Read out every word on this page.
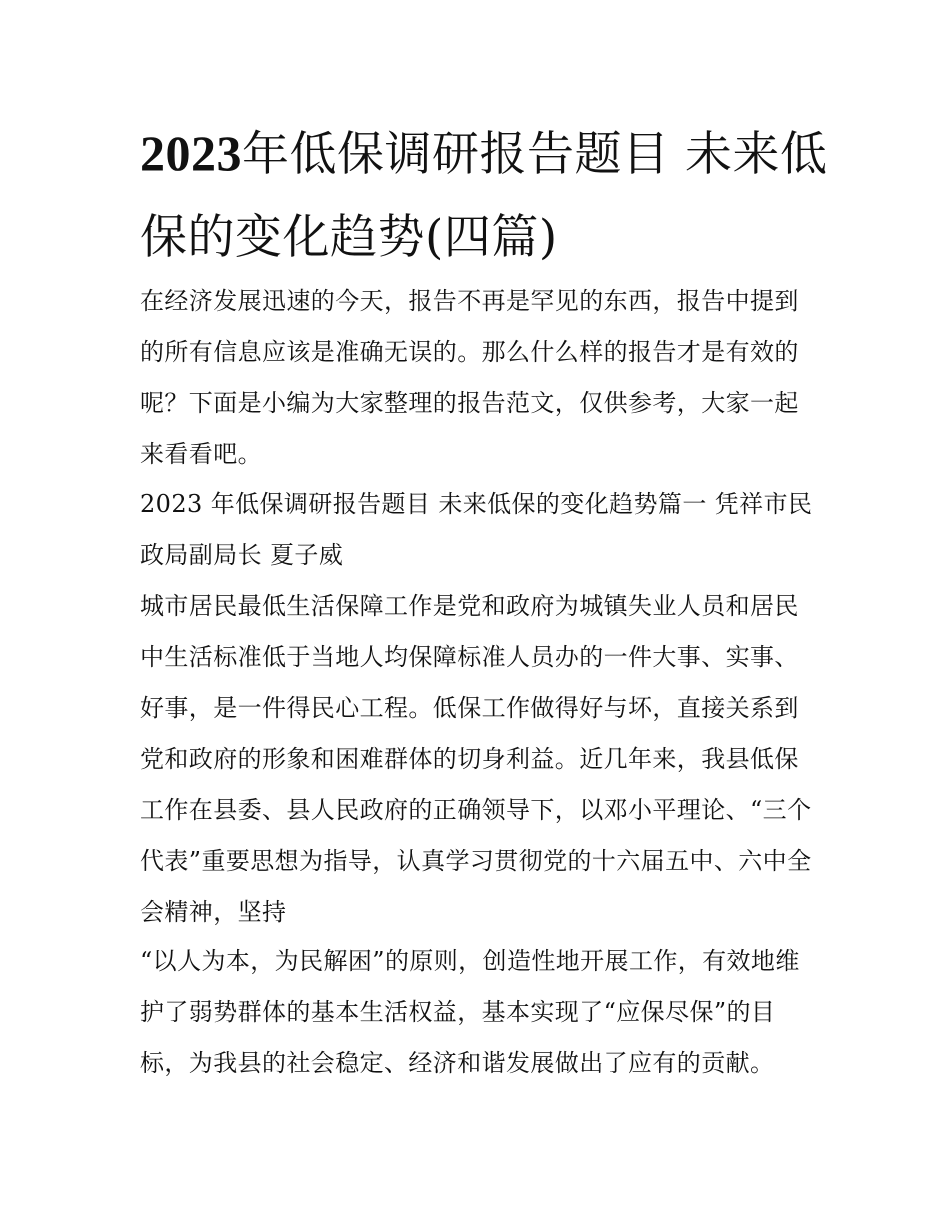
2023年低保调研报告题目 未来低保的变化趋势(四篇)

在经济发展迅速的今天，报告不再是罕见的东西，报告中提到的所有信息应该是准确无误的。那么什么样的报告才是有效的呢？下面是小编为大家整理的报告范文，仅供参考，大家一起来看看吧。

2023 年低保调研报告题目 未来低保的变化趋势篇一 凭祥市民政局副局长 夏子威

城市居民最低生活保障工作是党和政府为城镇失业人员和居民中生活标准低于当地人均保障标准人员办的一件大事、实事、好事，是一件得民心工程。低保工作做得好与坏，直接关系到党和政府的形象和困难群体的切身利益。近几年来，我县低保工作在县委、县人民政府的正确领导下，以邓小平理论、“三个代表”重要思想为指导，认真学习贯彻党的十六届五中、六中全会精神，坚持

“以人为本，为民解困”的原则，创造性地开展工作，有效地维护了弱势群体的基本生活权益，基本实现了“应保尽保”的目标，为我县的社会稳定、经济和谐发展做出了应有的贡献。
